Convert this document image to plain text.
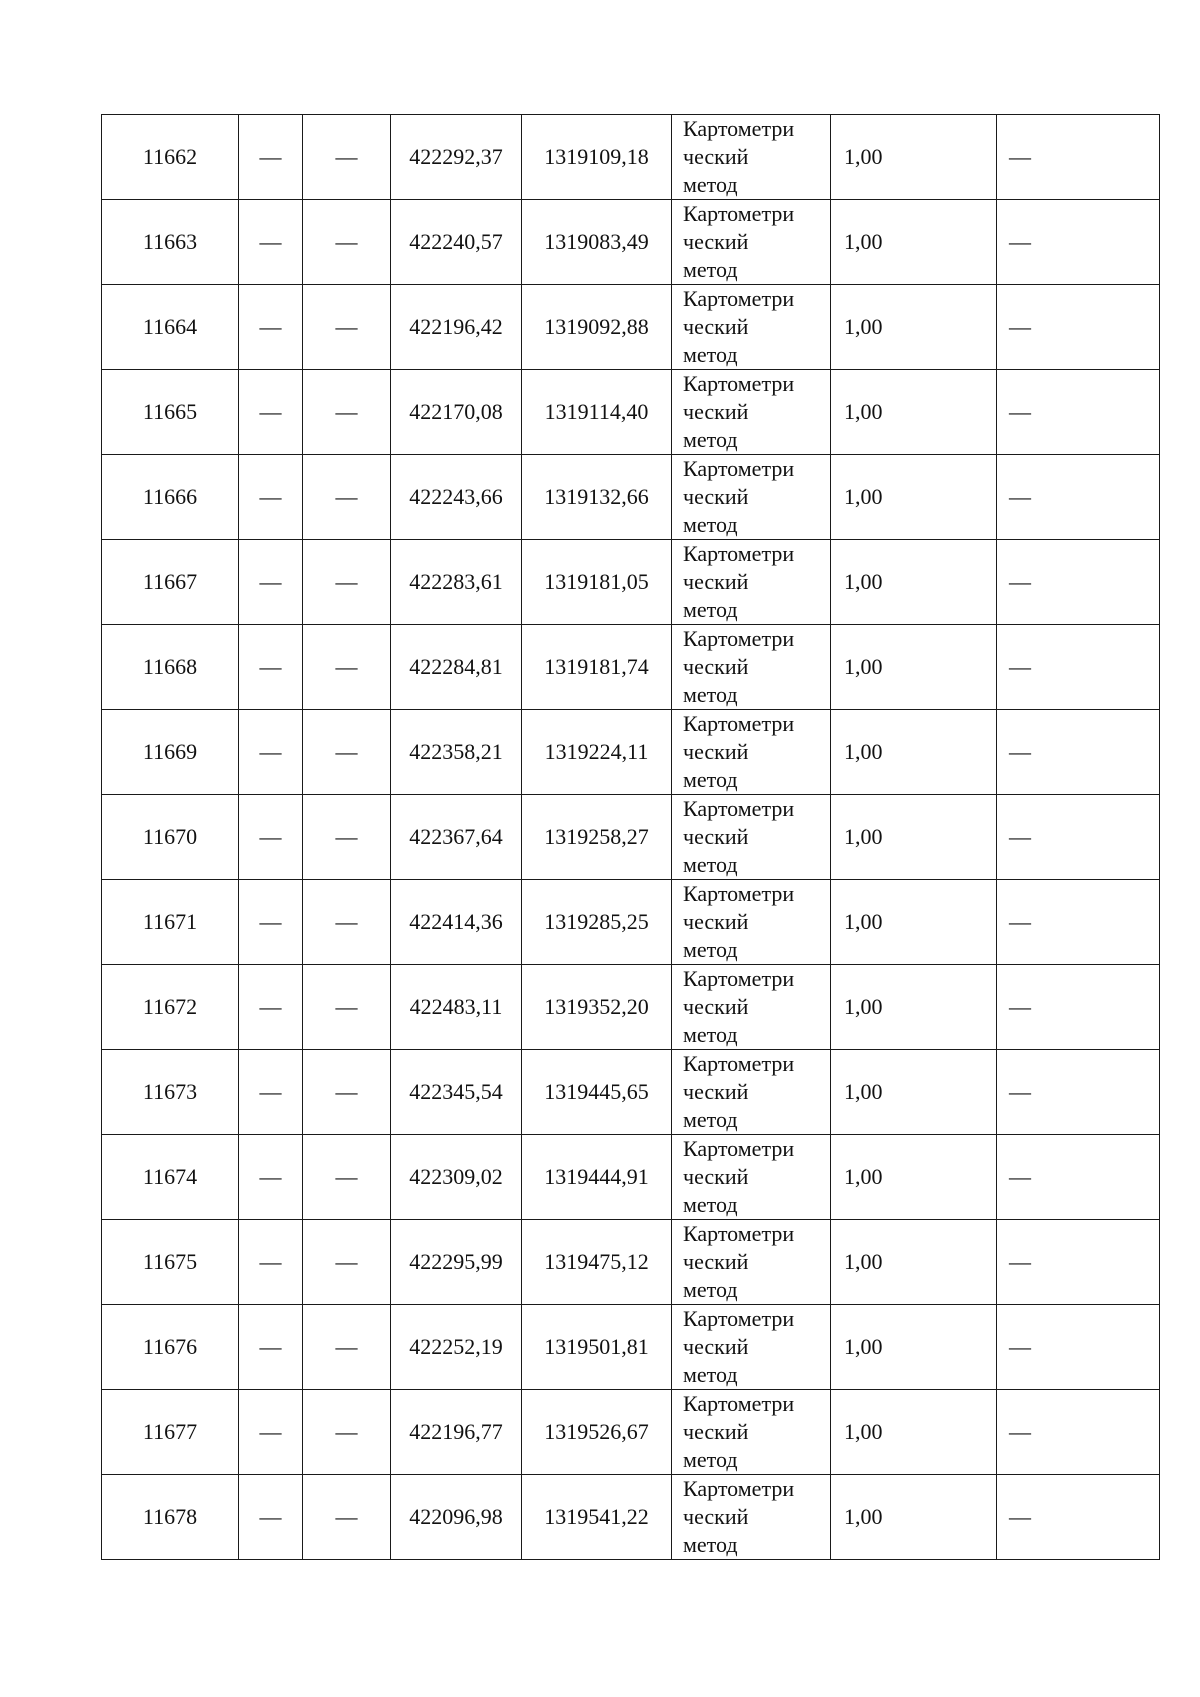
11662	—	—	422292,37	1319109,18	Картометри
ческий
метод	1,00	—
11663	—	—	422240,57	1319083,49	Картометри
ческий
метод	1,00	—
11664	—	—	422196,42	1319092,88	Картометри
ческий
метод	1,00	—
11665	—	—	422170,08	1319114,40	Картометри
ческий
метод	1,00	—
11666	—	—	422243,66	1319132,66	Картометри
ческий
метод	1,00	—
11667	—	—	422283,61	1319181,05	Картометри
ческий
метод	1,00	—
11668	—	—	422284,81	1319181,74	Картометри
ческий
метод	1,00	—
11669	—	—	422358,21	1319224,11	Картометри
ческий
метод	1,00	—
11670	—	—	422367,64	1319258,27	Картометри
ческий
метод	1,00	—
11671	—	—	422414,36	1319285,25	Картометри
ческий
метод	1,00	—
11672	—	—	422483,11	1319352,20	Картометри
ческий
метод	1,00	—
11673	—	—	422345,54	1319445,65	Картометри
ческий
метод	1,00	—
11674	—	—	422309,02	1319444,91	Картометри
ческий
метод	1,00	—
11675	—	—	422295,99	1319475,12	Картометри
ческий
метод	1,00	—
11676	—	—	422252,19	1319501,81	Картометри
ческий
метод	1,00	—
11677	—	—	422196,77	1319526,67	Картометри
ческий
метод	1,00	—
11678	—	—	422096,98	1319541,22	Картометри
ческий
метод	1,00	—
